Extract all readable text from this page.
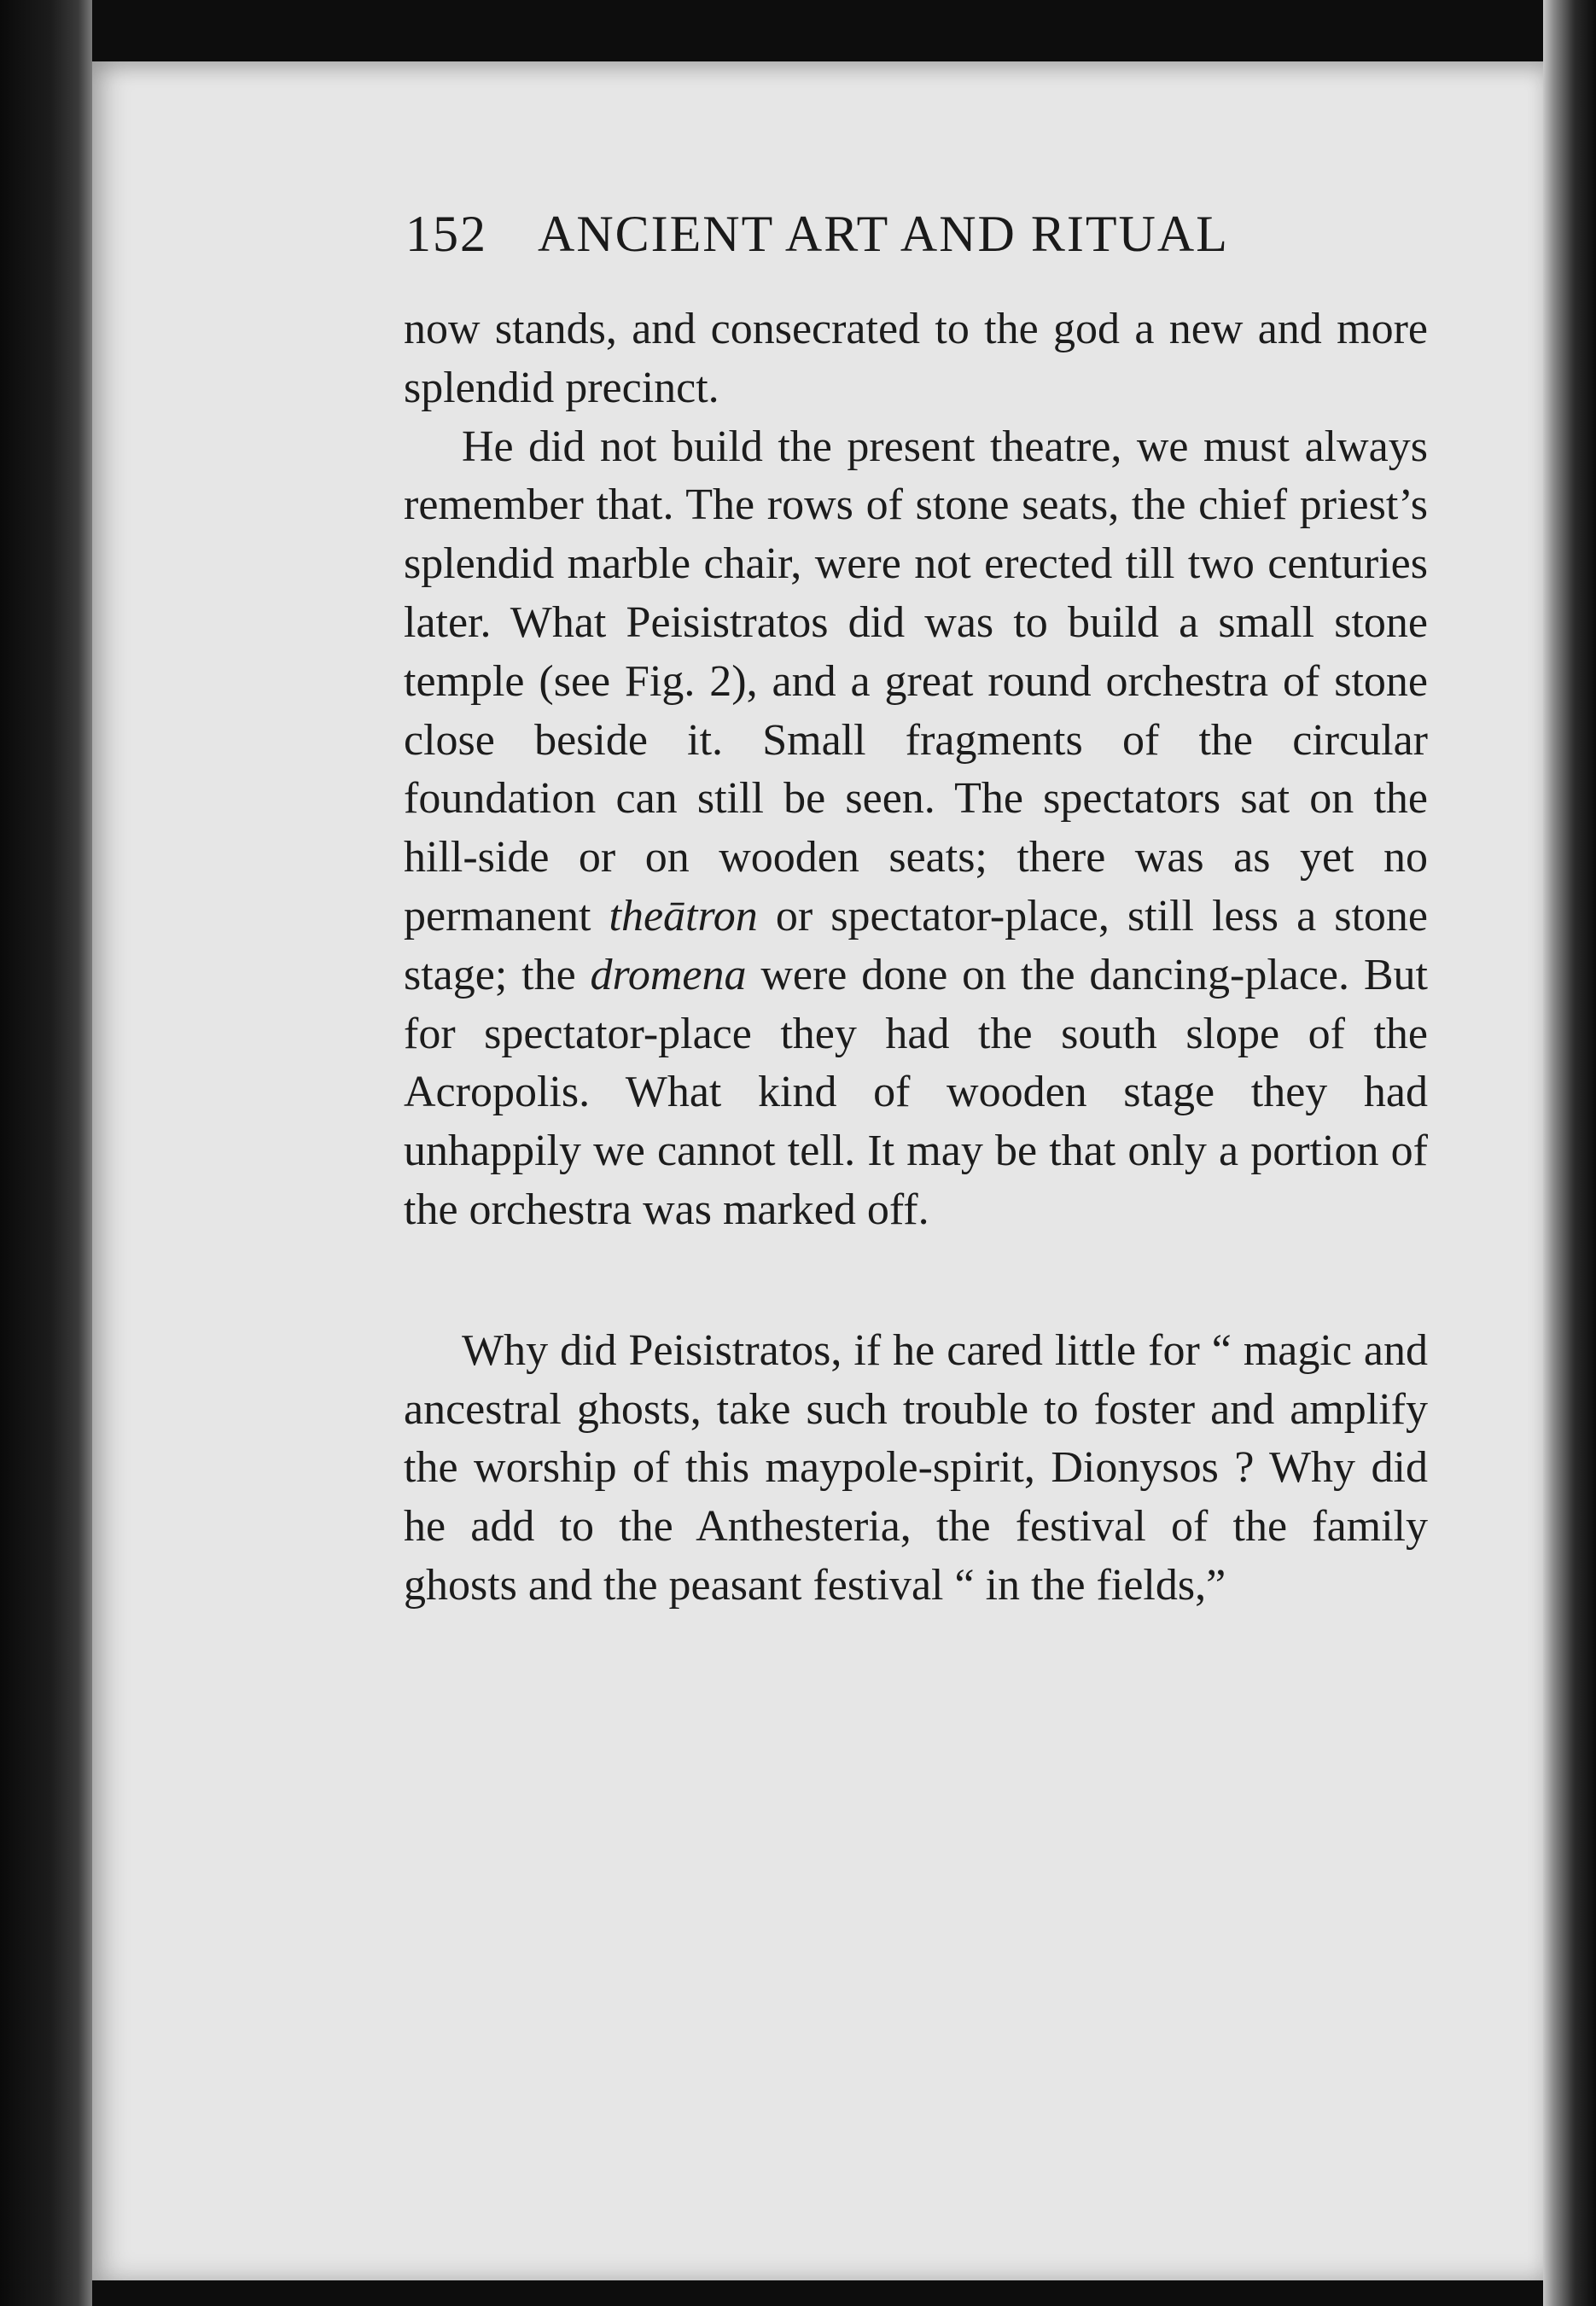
152 ANCIENT ART AND RITUAL

now stands, and consecrated to the god a new and more splendid precinct.

He did not build the present theatre, we must always remember that. The rows of stone seats, the chief priest’s splendid marble chair, were not erected till two centuries later. What Peisistratos did was to build a small stone temple (see Fig. 2), and a great round orchestra of stone close beside it. Small fragments of the circular foundation can still be seen. The spectators sat on the hill-side or on wooden seats; there was as yet no permanent theātron or spectator-place, still less a stone stage; the dromena were done on the dancing-place. But for spectator-place they had the south slope of the Acropolis. What kind of wooden stage they had unhappily we cannot tell. It may be that only a portion of the orchestra was marked off.

Why did Peisistratos, if he cared little for “ magic and ancestral ghosts, take such trouble to foster and amplify the worship of this maypole-spirit, Dionysos ? Why did he add to the Anthesteria, the festival of the family ghosts and the peasant festival “ in the fields,”
